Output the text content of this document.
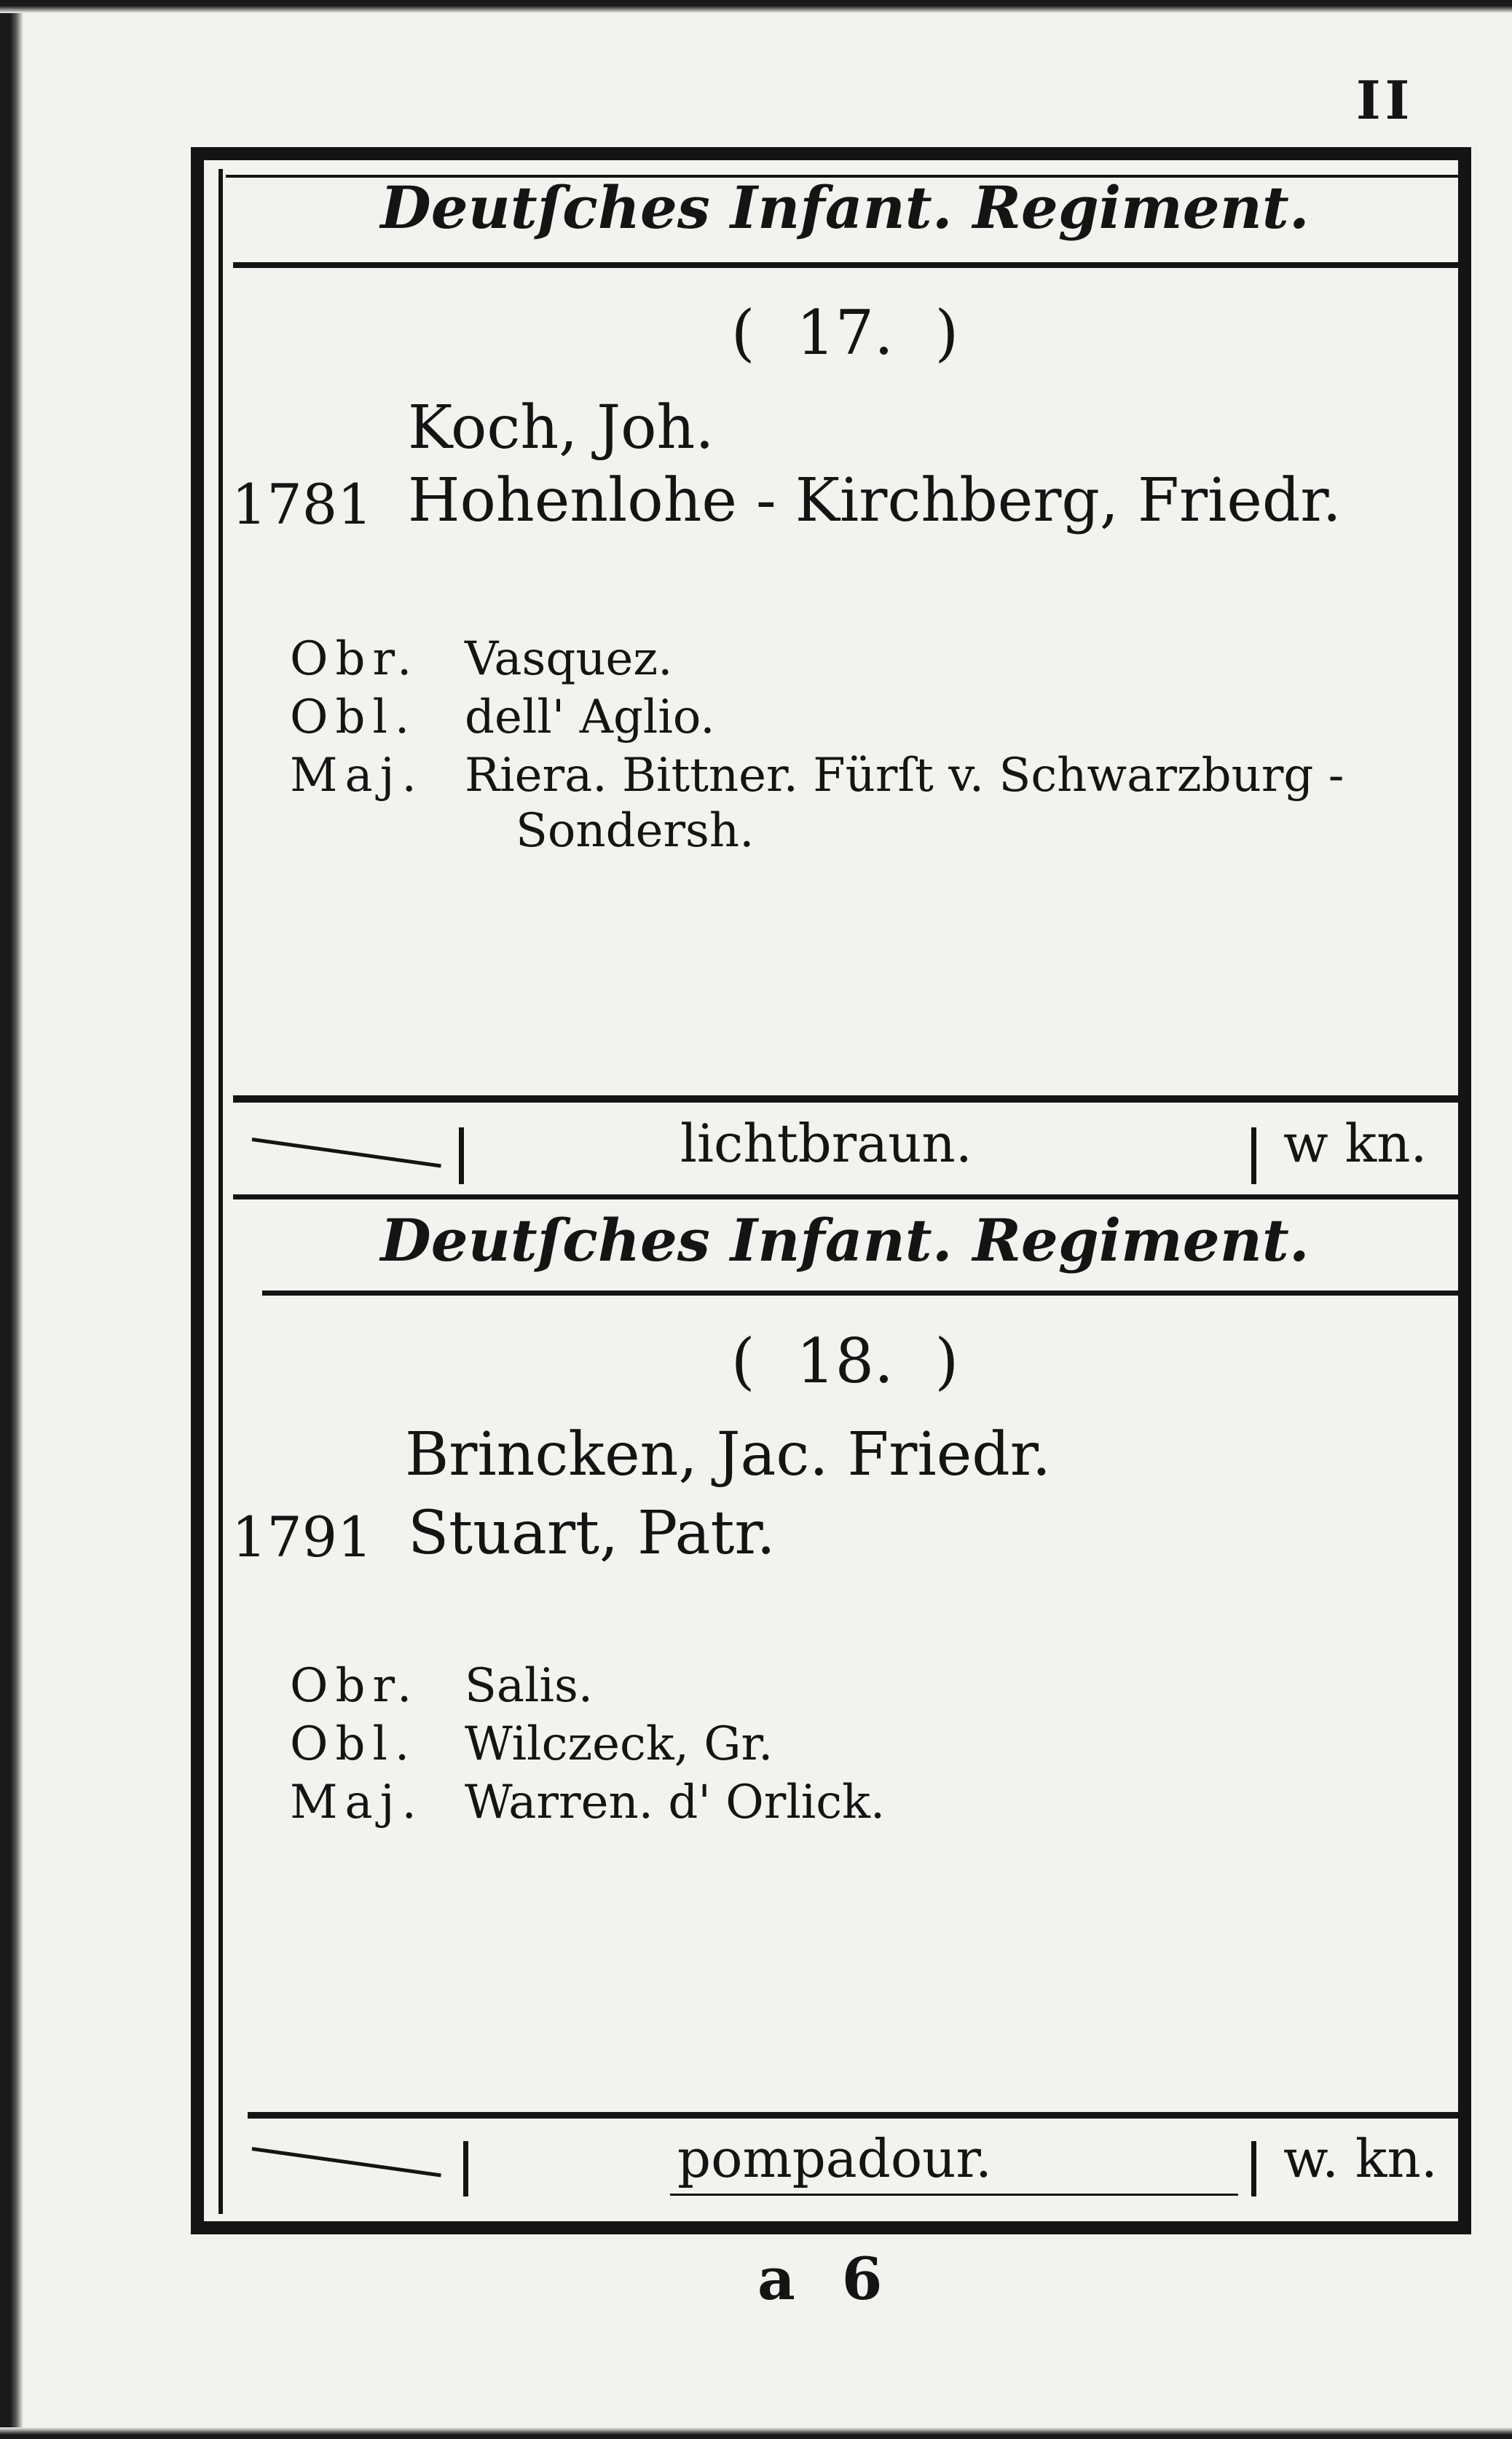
II
Deutſches Infant. Regiment.
( 17. )
Koch, Joh.
1781 Hohenlohe - Kirchberg, Friedr.
Obr. Vasquez.
Obl. dell' Aglio.
Maj. Riera. Bittner. Fürſt v. Schwarzburg -
Sondersh.
lichtbraun.	w kn.
Deutſches Infant. Regiment.
( 18. )
Brincken, Jac. Friedr.
1791 Stuart, Patr.
Obr. Salis.
Obl. Wilczeck, Gr.
Maj. Warren. d' Orlick.
pompadour.	w. kn.
a 6
